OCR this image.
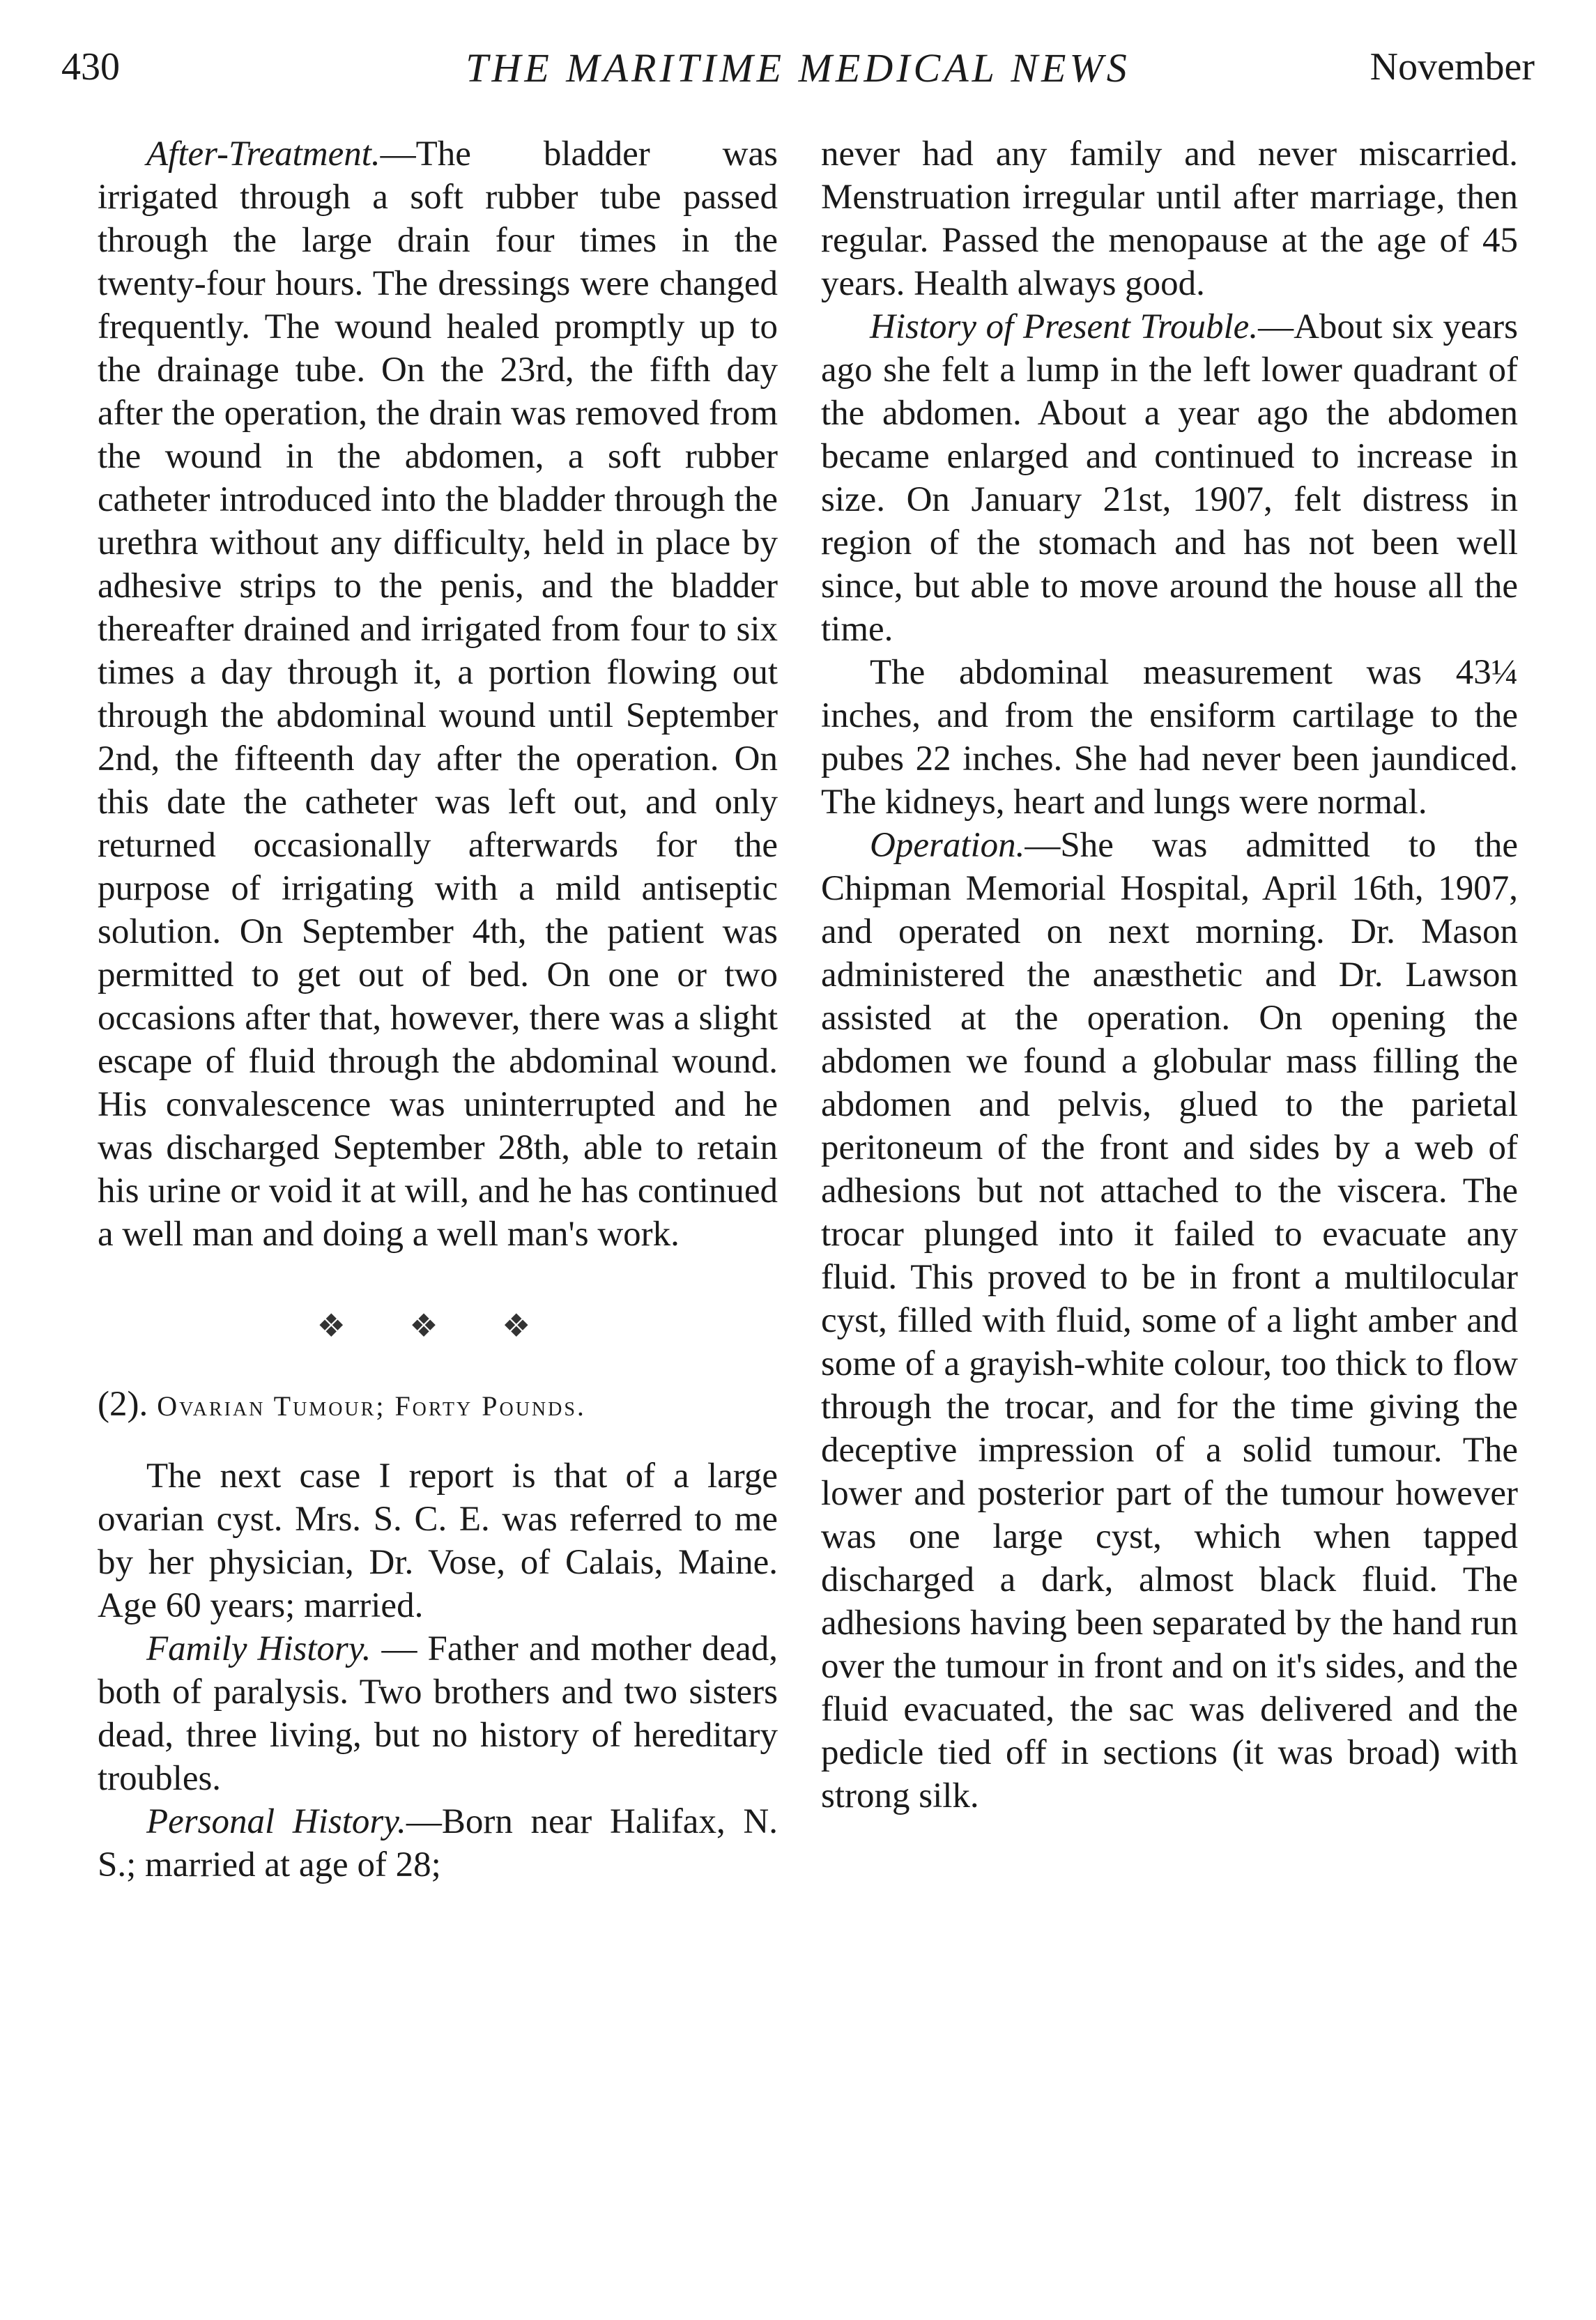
430	THE MARITIME MEDICAL NEWS	November

After-Treatment.—The bladder was irrigated through a soft rubber tube passed through the large drain four times in the twenty-four hours. The dressings were changed frequently. The wound healed promptly up to the drainage tube. On the 23rd, the fifth day after the operation, the drain was removed from the wound in the abdomen, a soft rubber catheter introduced into the bladder through the urethra without any difficulty, held in place by adhesive strips to the penis, and the bladder thereafter drained and irrigated from four to six times a day through it, a portion flowing out through the abdominal wound until September 2nd, the fifteenth day after the operation. On this date the catheter was left out, and only returned occasionally afterwards for the purpose of irrigating with a mild antiseptic solution. On September 4th, the patient was permitted to get out of bed. On one or two occasions after that, however, there was a slight escape of fluid through the abdominal wound. His convalescence was uninterrupted and he was discharged September 28th, able to retain his urine or void it at will, and he has continued a well man and doing a well man's work.

❖ ❖ ❖
(2). Ovarian Tumour; Forty Pounds.

The next case I report is that of a large ovarian cyst. Mrs. S. C. E. was referred to me by her physician, Dr. Vose, of Calais, Maine. Age 60 years; married.

Family History. — Father and mother dead, both of paralysis. Two brothers and two sisters dead, three living, but no history of hereditary troubles.

Personal History.—Born near Halifax, N. S.; married at age of 28;

never had any family and never miscarried. Menstruation irregular until after marriage, then regular. Passed the menopause at the age of 45 years. Health always good.

History of Present Trouble.—About six years ago she felt a lump in the left lower quadrant of the abdomen. About a year ago the abdomen became enlarged and continued to increase in size. On January 21st, 1907, felt distress in region of the stomach and has not been well since, but able to move around the house all the time.

The abdominal measurement was 43¼ inches, and from the ensiform cartilage to the pubes 22 inches. She had never been jaundiced. The kidneys, heart and lungs were normal.

Operation.—She was admitted to the Chipman Memorial Hospital, April 16th, 1907, and operated on next morning. Dr. Mason administered the anæsthetic and Dr. Lawson assisted at the operation. On opening the abdomen we found a globular mass filling the abdomen and pelvis, glued to the parietal peritoneum of the front and sides by a web of adhesions but not attached to the viscera. The trocar plunged into it failed to evacuate any fluid. This proved to be in front a multilocular cyst, filled with fluid, some of a light amber and some of a grayish-white colour, too thick to flow through the trocar, and for the time giving the deceptive impression of a solid tumour. The lower and posterior part of the tumour however was one large cyst, which when tapped discharged a dark, almost black fluid. The adhesions having been separated by the hand run over the tumour in front and on it's sides, and the fluid evacuated, the sac was delivered and the pedicle tied off in sections (it was broad) with strong silk.
